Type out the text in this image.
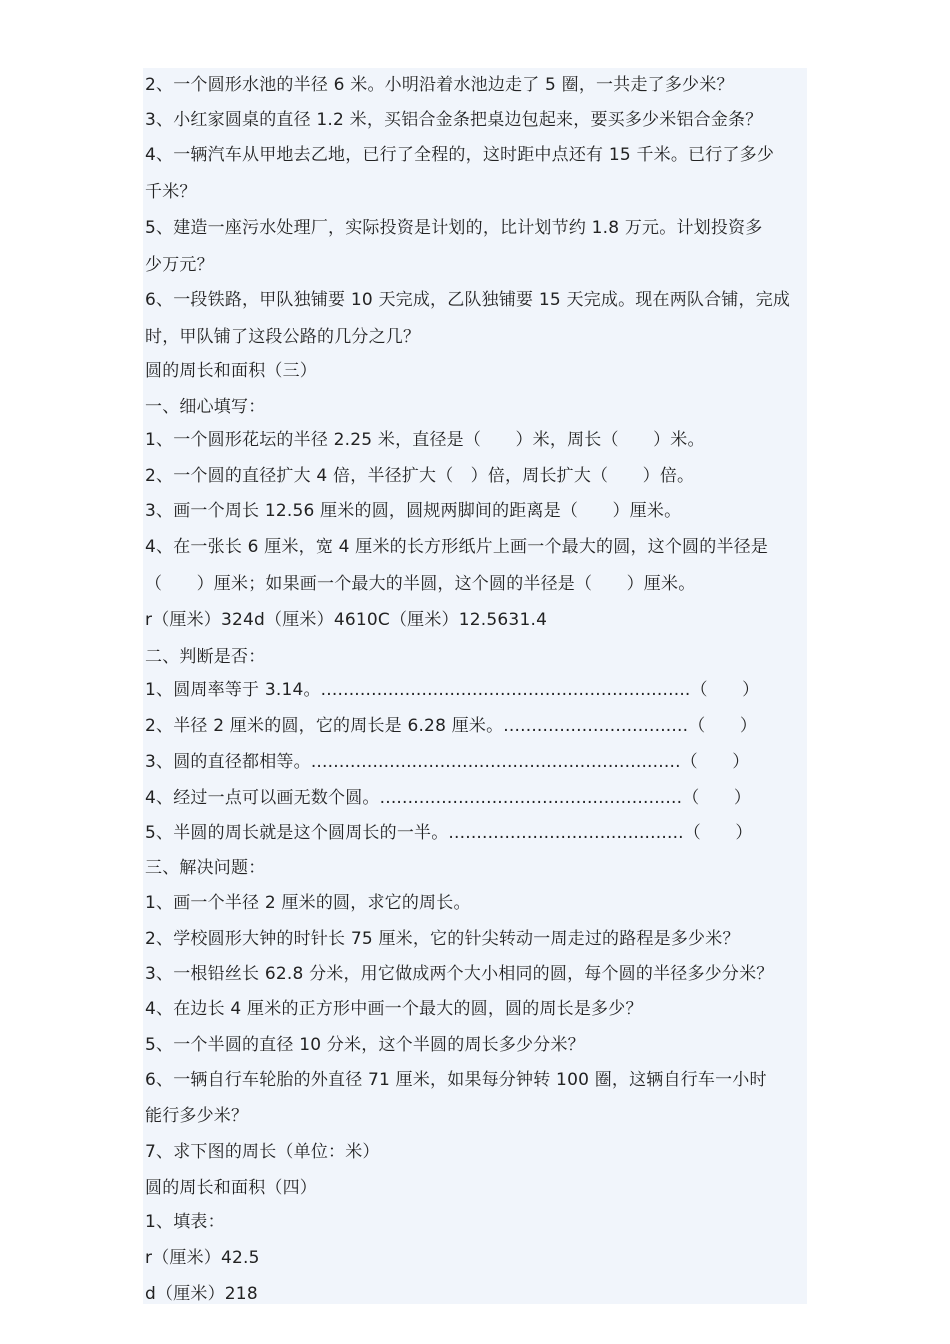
2、一个圆形水池的半径 6 米。小明沿着水池边走了 5 圈，一共走了多少米？
3、小红家圆桌的直径 1.2 米，买铝合金条把桌边包起来，要买多少米铝合金条？
4、一辆汽车从甲地去乙地，已行了全程的，这时距中点还有 15 千米。已行了多少
千米？
5、建造一座污水处理厂，实际投资是计划的，比计划节约 1.8 万元。计划投资多
少万元？
6、一段铁路，甲队独铺要 10 天完成，乙队独铺要 15 天完成。现在两队合铺，完成
时，甲队铺了这段公路的几分之几？
圆的周长和面积（三）
一、细心填写：
1、一个圆形花坛的半径 2.25 米，直径是（　　）米，周长（　　）米。
2、一个圆的直径扩大 4 倍，半径扩大（　）倍，周长扩大（　　）倍。
3、画一个周长 12.56 厘米的圆，圆规两脚间的距离是（　　）厘米。
4、在一张长 6 厘米，宽 4 厘米的长方形纸片上画一个最大的圆，这个圆的半径是
（　　）厘米；如果画一个最大的半圆，这个圆的半径是（　　）厘米。
r（厘米）324d（厘米）4610C（厘米）12.5631.4
二、判断是否：
1、圆周率等于 3.14。..................................................................（　　）
2、半径 2 厘米的圆，它的周长是 6.28 厘米。.................................（　　）
3、圆的直径都相等。..................................................................（　　）
4、经过一点可以画无数个圆。......................................................（　　）
5、半圆的周长就是这个圆周长的一半。..........................................（　　）
三、解决问题：
1、画一个半径 2 厘米的圆，求它的周长。
2、学校圆形大钟的时针长 75 厘米，它的针尖转动一周走过的路程是多少米？
3、一根铅丝长 62.8 分米，用它做成两个大小相同的圆，每个圆的半径多少分米？
4、在边长 4 厘米的正方形中画一个最大的圆，圆的周长是多少？
5、一个半圆的直径 10 分米，这个半圆的周长多少分米？
6、一辆自行车轮胎的外直径 71 厘米，如果每分钟转 100 圈，这辆自行车一小时
能行多少米？
7、求下图的周长（单位：米）
圆的周长和面积（四）
1、填表：
r（厘米）42.5
d（厘米）218
